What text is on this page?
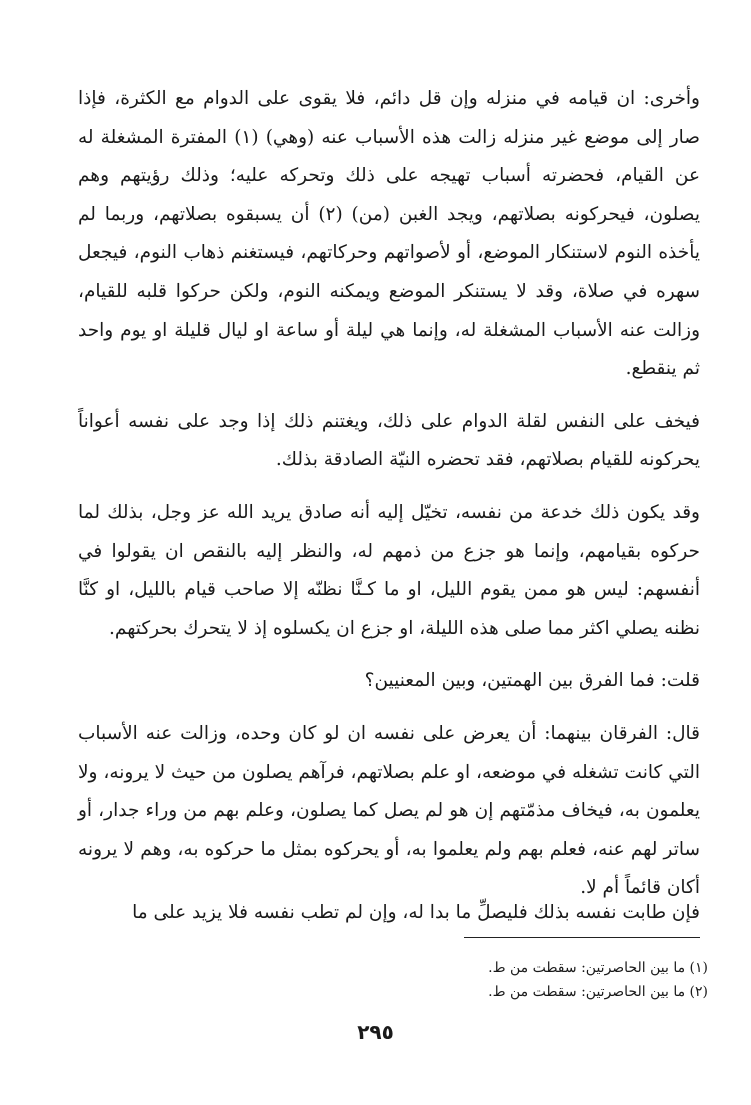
وأخرى: ان قيامه في منزله وإن قل دائم، فلا يقوى على الدوام مع الكثرة، فإذا صار إلى موضع غير منزله زالت هذه الأسباب عنه (وهي) (١) المفترة المشغلة له عن القيام، فحضرته أسباب تهيجه على ذلك وتحركه عليه؛ وذلك رؤيتهم وهم يصلون، فيحركونه بصلاتهم، ويجد الغبن (من) (٢) أن يسبقوه بصلاتهم، وربما لم يأخذه النوم لاستنكار الموضع، أو لأصواتهم وحركاتهم، فيستغنم ذهاب النوم، فيجعل سهره في صلاة، وقد لا يستنكر الموضع ويمكنه النوم، ولكن حركوا قلبه للقيام، وزالت عنه الأسباب المشغلة له، وإنما هي ليلة أو ساعة او ليال قليلة او يوم واحد ثم ينقطع.

فيخف على النفس لقلة الدوام على ذلك، ويغتنم ذلك إذا وجد على نفسه أعواناً يحركونه للقيام بصلاتهم، فقد تحضره النيّة الصادقة بذلك.

وقد يكون ذلك خدعة من نفسه، تخيّل إليه أنه صادق يريد الله عز وجل، بذلك لما حركوه بقيامهم، وإنما هو جزع من ذمهم له، والنظر إليه بالنقص ان يقولوا في أنفسهم: ليس هو ممن يقوم الليل، او ما كـنَّا نظنّه إلا صاحب قيام بالليل، او كنَّا نظنه يصلي اكثر مما صلى هذه الليلة، او جزع ان يكسلوه إذ لا يتحرك بحركتهم.

قلت: فما الفرق بين الهمتين، وبين المعنيين؟

قال: الفرقان بينهما: أن يعرض على نفسه ان لو كان وحده، وزالت عنه الأسباب التي كانت تشغله في موضعه، او علم بصلاتهم، فرآهم يصلون من حيث لا يرونه، ولا يعلمون به، فيخاف مذمّتهم إن هو لم يصل كما يصلون، وعلم بهم من وراء جدار، أو ساتر لهم عنه، فعلم بهم ولم يعلموا به، أو يحركوه بمثل ما حركوه به، وهم لا يرونه أكان قائماً أم لا.

فإن طابت نفسه بذلك فليصلِّ ما بدا له، وإن لم تطب نفسه فلا يزيد على ما

(١) ما بين الحاصرتين: سقطت من ط.

(٢) ما بين الحاصرتين: سقطت من ط.

٢٩٥
